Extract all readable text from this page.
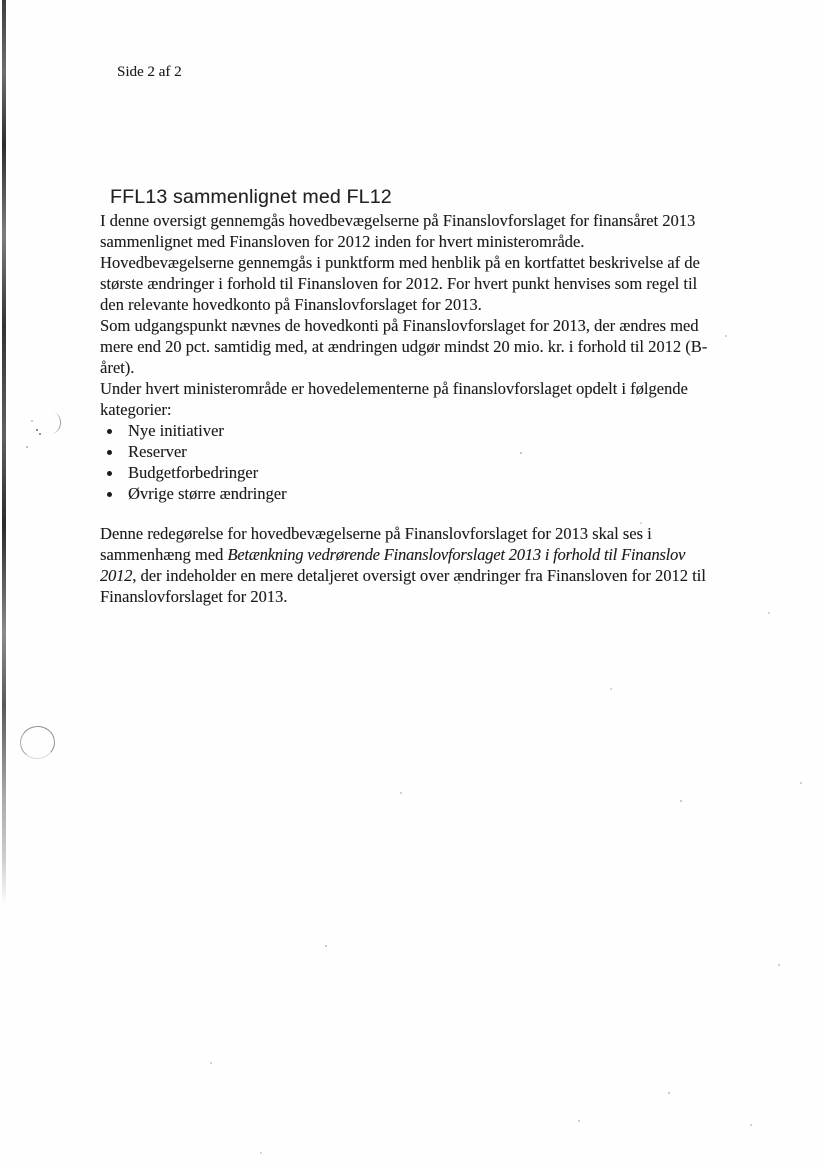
Side 2 af 2
FFL13 sammenlignet med FL12

I denne oversigt gennemgås hovedbevægelserne på Finanslovforslaget for finansåret 2013 sammenlignet med Finansloven for 2012 inden for hvert ministerområde.

Hovedbevægelserne gennemgås i punktform med henblik på en kortfattet beskrivelse af de største ændringer i forhold til Finansloven for 2012. For hvert punkt henvises som regel til den relevante hovedkonto på Finanslovforslaget for 2013.

Som udgangspunkt nævnes de hovedkonti på Finanslovforslaget for 2013, der ændres med mere end 20 pct. samtidig med, at ændringen udgør mindst 20 mio. kr. i forhold til 2012 (B-året).

Under hvert ministerområde er hovedelementerne på finanslovforslaget opdelt i følgende kategorier:

Nye initiativer
Reserver
Budgetforbedringer
Øvrige større ændringer

Denne redegørelse for hovedbevægelserne på Finanslovforslaget for 2013 skal ses i sammenhæng med Betænkning vedrørende Finanslovforslaget 2013 i forhold til Finanslov 2012, der indeholder en mere detaljeret oversigt over ændringer fra Finansloven for 2012 til Finanslovforslaget for 2013.
